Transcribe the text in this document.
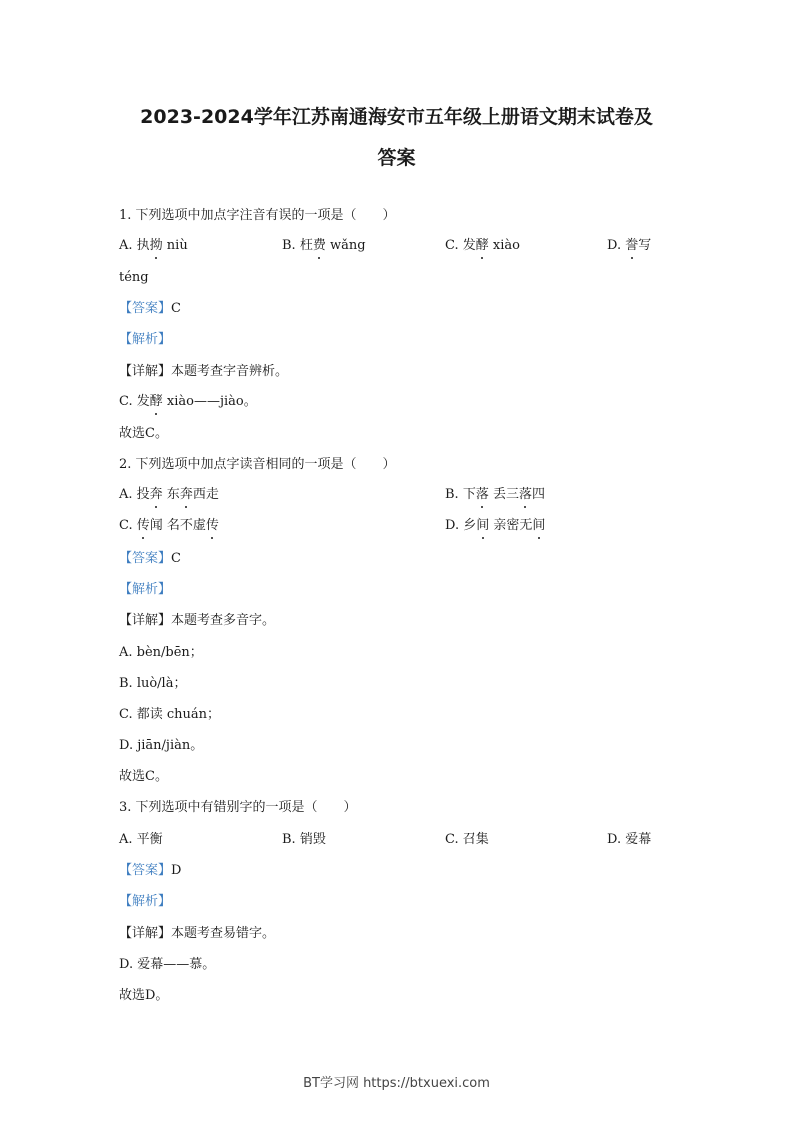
2023-2024学年江苏南通海安市五年级上册语文期末试卷及
答案
1. 下列选项中加点字注音有误的一项是（　　）
A. 执拗 niù	B. 枉费 wǎng	C. 发酵 xiào	D. 誊写
téng
【答案】C
【解析】
【详解】本题考查字音辨析。
C. 发酵 xiào——jiào。
故选C。
2. 下列选项中加点字读音相同的一项是（　　）
A. 投奔 东奔西走	B. 下落 丢三落四
C. 传闻 名不虚传	D. 乡间 亲密无间
【答案】C
【解析】
【详解】本题考查多音字。
A. bèn/bēn；
B. luò/là；
C. 都读 chuán；
D. jiān/jiàn。
故选C。
3. 下列选项中有错别字的一项是（　　）
A. 平衡	B. 销毁	C. 召集	D. 爱幕
【答案】D
【解析】
【详解】本题考查易错字。
D. 爱幕——慕。
故选D。
BT学习网 https://btxuexi.com
